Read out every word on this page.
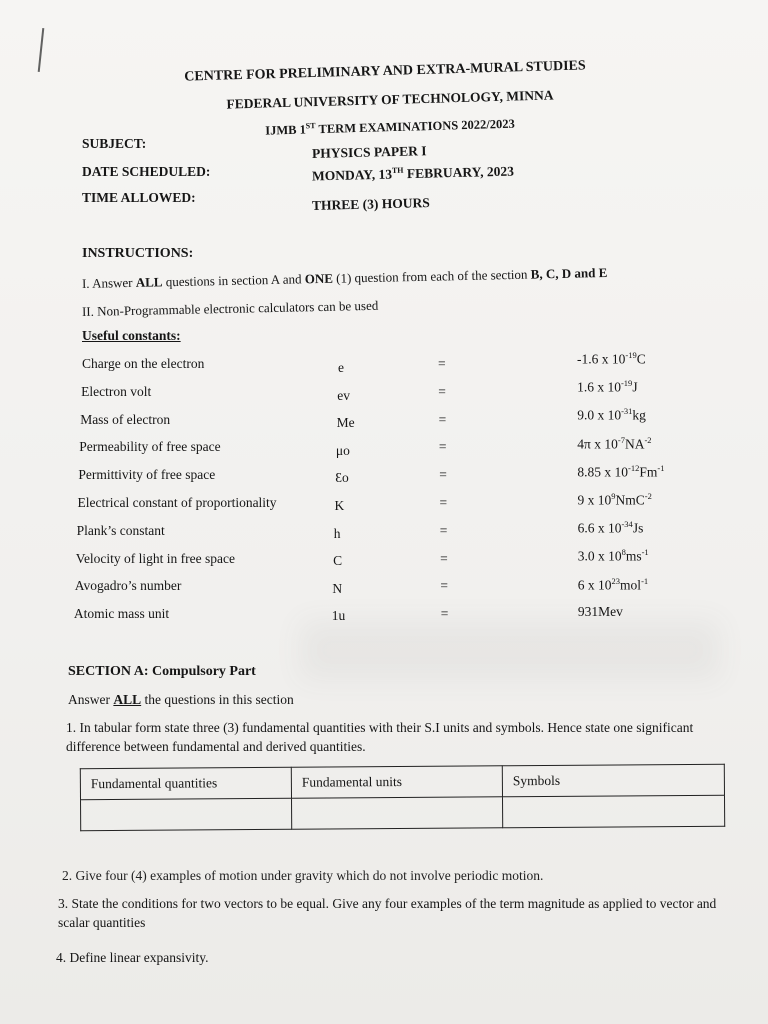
CENTRE FOR PRELIMINARY AND EXTRA-MURAL STUDIES
FEDERAL UNIVERSITY OF TECHNOLOGY, MINNA
IJMB 1ST TERM EXAMINATIONS 2022/2023
SUBJECT:	PHYSICS PAPER I
DATE SCHEDULED:	MONDAY, 13TH FEBRUARY, 2023
TIME ALLOWED:	THREE (3) HOURS
INSTRUCTIONS:
I. Answer ALL questions in section A and ONE (1) question from each of the section B, C, D and E
II. Non-Programmable electronic calculators can be used
Useful constants:
Charge on the electron	e	=	-1.6 x $10^{-19}C$
Electron volt	ev	=	1.6 x $10^{-19}J$
Mass of electron	Me	=	9.0 x $10^{-31}kg$
Permeability of free space	μo	=	4π x $10^{-7}NA^{-2}$
Permittivity of free space	Ɛo	=	8.85 x $10^{-12}Fm^{-1}$
Electrical constant of proportionality	K	=	9 x $10^9NmC^{-2}$
Plank’s constant	h	=	6.6 x $10^{-34}Js$
Velocity of light in free space	C	=	3.0 x $10^8ms^{-1}$
Avogadro’s number	N	=	6 x $10^{23}mol^{-1}$
Atomic mass unit	1u	=	931Mev
SECTION A: Compulsory Part
Answer ALL the questions in this section
1. In tabular form state three (3) fundamental quantities with their S.I units and symbols. Hence state one significant difference between fundamental and derived quantities.
Fundamental quantities	Fundamental units	Symbols

2. Give four (4) examples of motion under gravity which do not involve periodic motion.
3. State the conditions for two vectors to be equal. Give any four examples of the term magnitude as applied to vector and scalar quantities
4. Define linear expansivity.
